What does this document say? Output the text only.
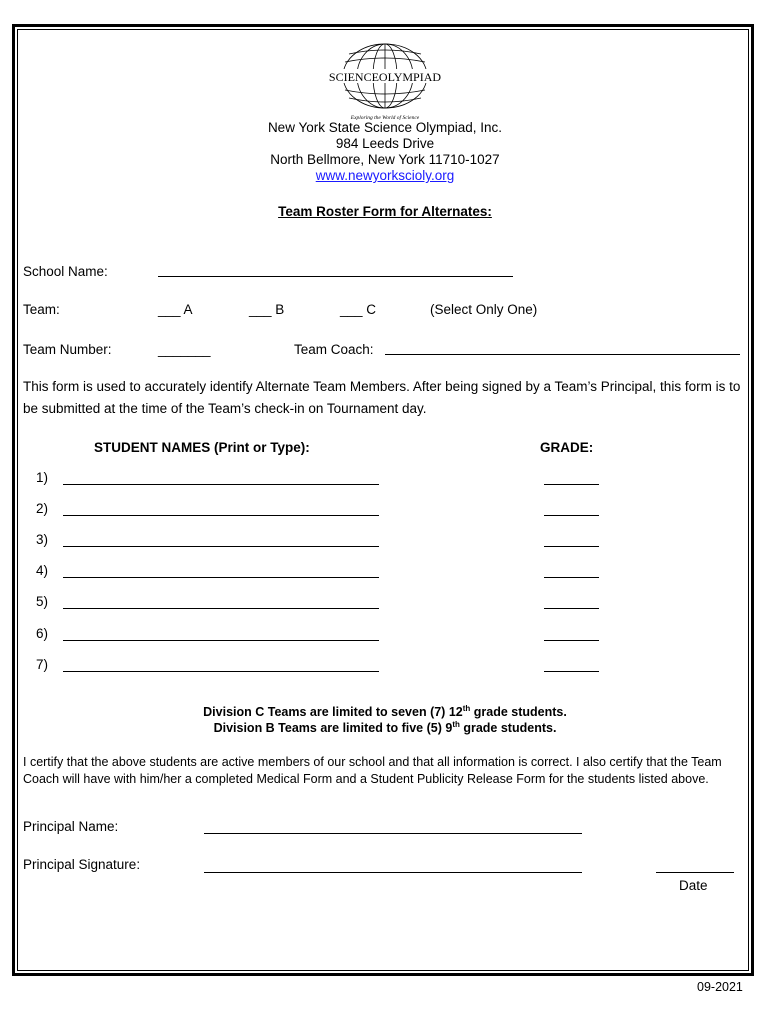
SCIENCEOLYMPIAD
Exploring the World of Science
New York State Science Olympiad, Inc.
984 Leeds Drive
North Bellmore, New York 11710-1027
www.newyorkscioly.org
Team Roster Form for Alternates:
School Name:
Team:	___ A	___ B	___ C	(Select Only One)
Team Number:	_______	Team Coach:
This form is used to accurately identify Alternate Team Members. After being signed by a Team’s Principal, this form is to be submitted at the time of the Team’s check-in on Tournament day.
STUDENT NAMES (Print or Type):	GRADE:
1)
2)
3)
4)
5)
6)
7)
Division C Teams are limited to seven (7) 12th grade students.
Division B Teams are limited to five (5) 9th grade students.
I certify that the above students are active members of our school and that all information is correct. I also certify that the Team Coach will have with him/her a completed Medical Form and a Student Publicity Release Form for the students listed above.
Principal Name:
Principal Signature:
Date
09-2021
